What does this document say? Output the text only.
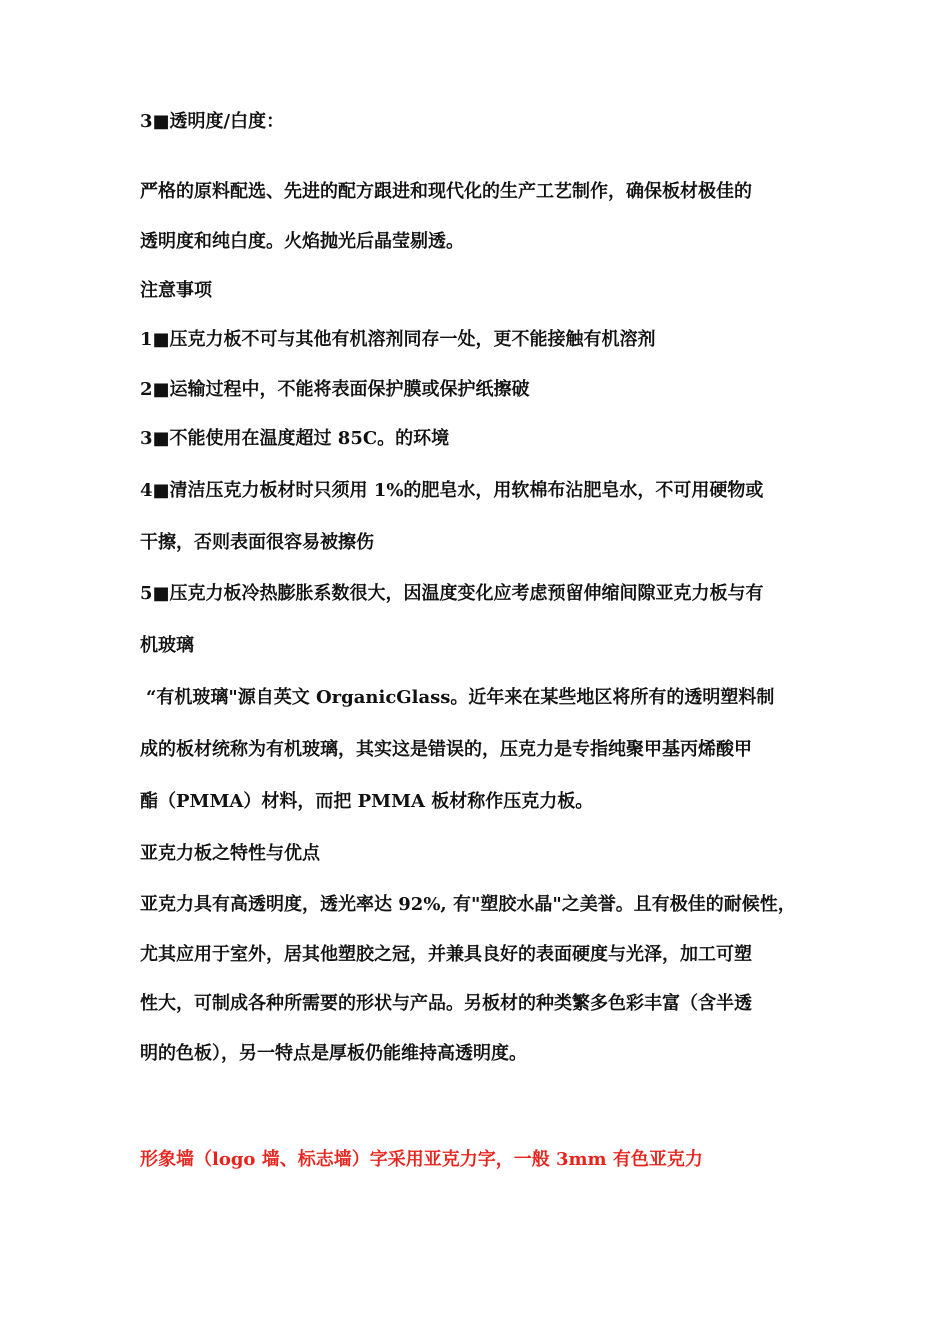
3■透明度/白度：
严格的原料配选、先进的配方跟进和现代化的生产工艺制作，确保板材极佳的
透明度和纯白度。火焰抛光后晶莹剔透。
注意事项
1■压克力板不可与其他有机溶剂同存一处，更不能接触有机溶剂
2■运输过程中，不能将表面保护膜或保护纸擦破
3■不能使用在温度超过 85C。的环境
4■清洁压克力板材时只须用 1%的肥皂水，用软棉布沾肥皂水，不可用硬物或
干擦，否则表面很容易被擦伤
5■压克力板冷热膨胀系数很大，因温度变化应考虑预留伸缩间隙亚克力板与有
机玻璃
“有机玻璃"源自英文 OrganicGlass。近年来在某些地区将所有的透明塑料制
成的板材统称为有机玻璃，其实这是错误的，压克力是专指纯聚甲基丙烯酸甲
酯（PMMA）材料，而把 PMMA 板材称作压克力板。
亚克力板之特性与优点
亚克力具有高透明度，透光率达 92%, 有"塑胶水晶"之美誉。且有极佳的耐候性，
尤其应用于室外，居其他塑胶之冠，并兼具良好的表面硬度与光泽，加工可塑
性大，可制成各种所需要的形状与产品。另板材的种类繁多色彩丰富（含半透
明的色板），另一特点是厚板仍能维持高透明度。
形象墙（logo 墙、标志墙）字采用亚克力字，一般 3mm 有色亚克力
